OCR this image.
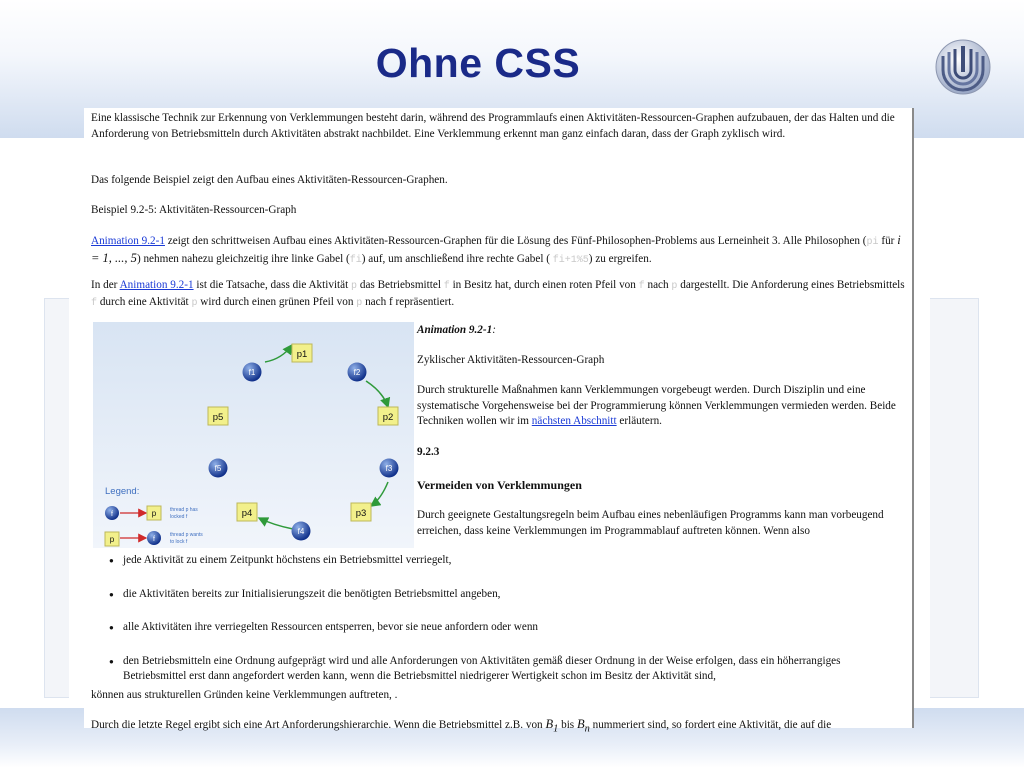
Ohne CSS

Eine klassische Technik zur Erkennung von Verklemmungen besteht darin, während des Programmlaufs einen Aktivitäten-Ressourcen-Graphen aufzubauen, der das Halten und die Anforderung von Betriebsmitteln durch Aktivitäten abstrakt nachbildet. Eine Verklemmung erkennt man ganz einfach daran, dass der Graph zyklisch wird.

Das folgende Beispiel zeigt den Aufbau eines Aktivitäten-Ressourcen-Graphen.

Beispiel 9.2-5: Aktivitäten-Ressourcen-Graph

Animation 9.2-1 zeigt den schrittweisen Aufbau eines Aktivitäten-Ressourcen-Graphen für die Lösung des Fünf-Philosophen-Problems aus Lerneinheit 3. Alle Philosophen (pi für i = 1, ..., 5) nehmen nahezu gleichzeitig ihre linke Gabel (fi) auf, um anschließend ihre rechte Gabel ( fi+1%5) zu ergreifen.

In der Animation 9.2-1 ist die Tatsache, dass die Aktivität p das Betriebsmittel f in Besitz hat, durch einen roten Pfeil von f nach p dargestellt. Die Anforderung eines Betriebsmittels f durch eine Aktivität p wird durch einen grünen Pfeil von p nach f repräsentiert.

p1
p2
p3
p4
p5
f1	f2
f3
f4
f5
Legend:
f	p	thread p has
locked f
p	f
thread p wants
to lock f

Animation 9.2-1:

Zyklischer Aktivitäten-Ressourcen-Graph

Durch strukturelle Maßnahmen kann Verklemmungen vorgebeugt werden. Durch Disziplin und eine systematische Vorgehensweise bei der Programmierung können Verklemmungen vermieden werden. Beide Techniken wollen wir im nächsten Abschnitt erläutern.

9.2.3

Vermeiden von Verklemmungen

Durch geeignete Gestaltungsregeln beim Aufbau eines nebenläufigen Programms kann man vorbeugend erreichen, dass keine Verklemmungen im Programmablauf auftreten können. Wenn also

● jede Aktivität zu einem Zeitpunkt höchstens ein Betriebsmittel verriegelt,
● die Aktivitäten bereits zur Initialisierungszeit die benötigten Betriebsmittel angeben,
● alle Aktivitäten ihre verriegelten Ressourcen entsperren, bevor sie neue anfordern oder wenn
● den Betriebsmitteln eine Ordnung aufgeprägt wird und alle Anforderungen von Aktivitäten gemäß dieser Ordnung in der Weise erfolgen, dass ein höherrangiges Betriebsmittel erst dann angefordert werden kann, wenn die Betriebsmittel niedrigerer Wertigkeit schon im Besitz der Aktivität sind,

können aus strukturellen Gründen keine Verklemmungen auftreten, .

Durch die letzte Regel ergibt sich eine Art Anforderungshierarchie. Wenn die Betriebsmittel z.B. von $B_1$ bis $B_n$ nummeriert sind, so fordert eine Aktivität, die auf die
